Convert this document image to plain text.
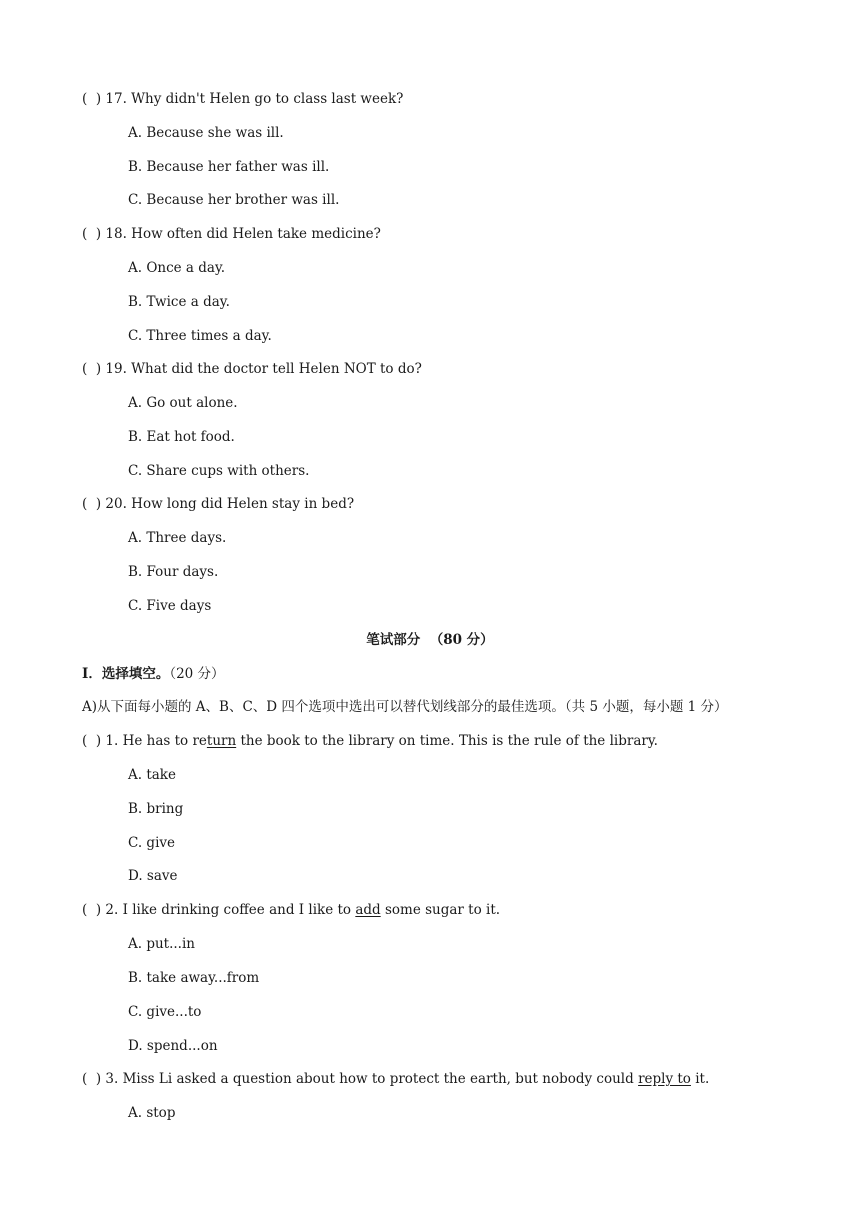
(  ) 17. Why didn't Helen go to class last week?
A. Because she was ill.
B. Because her father was ill.
C. Because her brother was ill.
(  ) 18. How often did Helen take medicine?
A. Once a day.
B. Twice a day.
C. Three times a day.
(  ) 19. What did the doctor tell Helen NOT to do?
A. Go out alone.
B. Eat hot food.
C. Share cups with others.
(  ) 20. How long did Helen stay in bed?
A. Three days.
B. Four days.
C. Five days
笔试部分  （80 分）
I．选择填空。（20 分）
A)从下面每小题的 A、B、C、D 四个选项中选出可以替代划线部分的最佳选项。（共 5 小题，每小题 1 分）
(  ) 1. He has to return the book to the library on time. This is the rule of the library.
A. take
B. bring
C. give
D. save
(  ) 2. I like drinking coffee and I like to add some sugar to it.
A. put...in
B. take away...from
C. give...to
D. spend...on
(  ) 3. Miss Li asked a question about how to protect the earth, but nobody could reply to it.
A. stop
